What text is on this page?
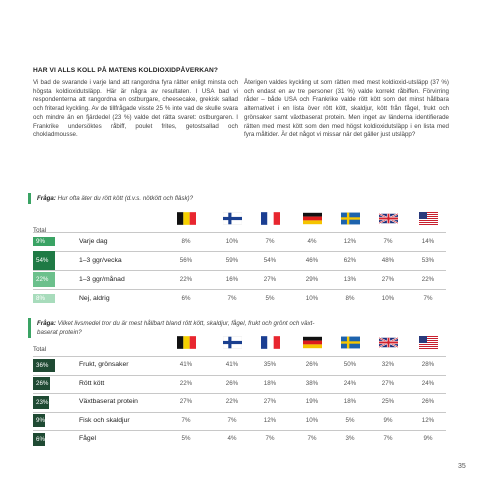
HAR VI ALLS KOLL PÅ MATENS KOLDIOXIDPÅVERKAN?
Vi bad de svarande i varje land att rangordna fyra rätter enligt minsta och högsta koldioxidutsläpp. Här är några av resultaten. I USA bad vi respondenterna att rangordna en ostburgare, cheesecake, grekisk sallad och friterad kyckling. Av de tillfrågade visste 25 % inte vad de skulle svara och mindre än en fjärdedel (23 %) valde det rätta svaret: ostburgaren. I Frankrike undersöktes råbiff, poulet frites, getostsallad och chokladmousse.
Återigen valdes kyckling ut som rätten med mest koldioxid-utsläpp (37 %) och endast en av tre personer (31 %) valde korrekt råbiffen. Förvirring råder – både USA och Frankrike valde rött kött som det minst hållbara alternativet i en lista över rött kött, skaldjur, kött från fågel, frukt och grönsaker samt växtbaserat protein. Men inget av länderna identifierade rätten med mest kött som den med högst koldioxidutsläpp i en lista med fyra måltider. Är det något vi missar när det gäller just utsläpp?
Fråga: Hur ofta äter du rött kött (d.v.s. nötkött och fläsk)?
Total
9%	Varje dag	8%	10%	7%	4%	12%	7%	14%
54%	1–3 ggr/vecka	56%	59%	54%	46%	62%	48%	53%
22%	1–3 ggr/månad	22%	16%	27%	29%	13%	27%	22%
8%	Nej, aldrig	6%	7%	5%	10%	8%	10%	7%
Fråga: Vilket livsmedel tror du är mest hållbart bland rött kött, skaldjur, fågel, frukt och grönt och växt-
baserat protein?
Total
36%	Frukt, grönsaker	41%	41%	35%	26%	50%	32%	28%
26%	Rött kött	22%	26%	18%	38%	24%	27%	24%
23%	Växtbaserat protein	27%	22%	27%	19%	18%	25%	26%
9%	Fisk och skaldjur	7%	7%	12%	10%	5%	9%	12%
6%	Fågel	5%	4%	7%	7%	3%	7%	9%
35
